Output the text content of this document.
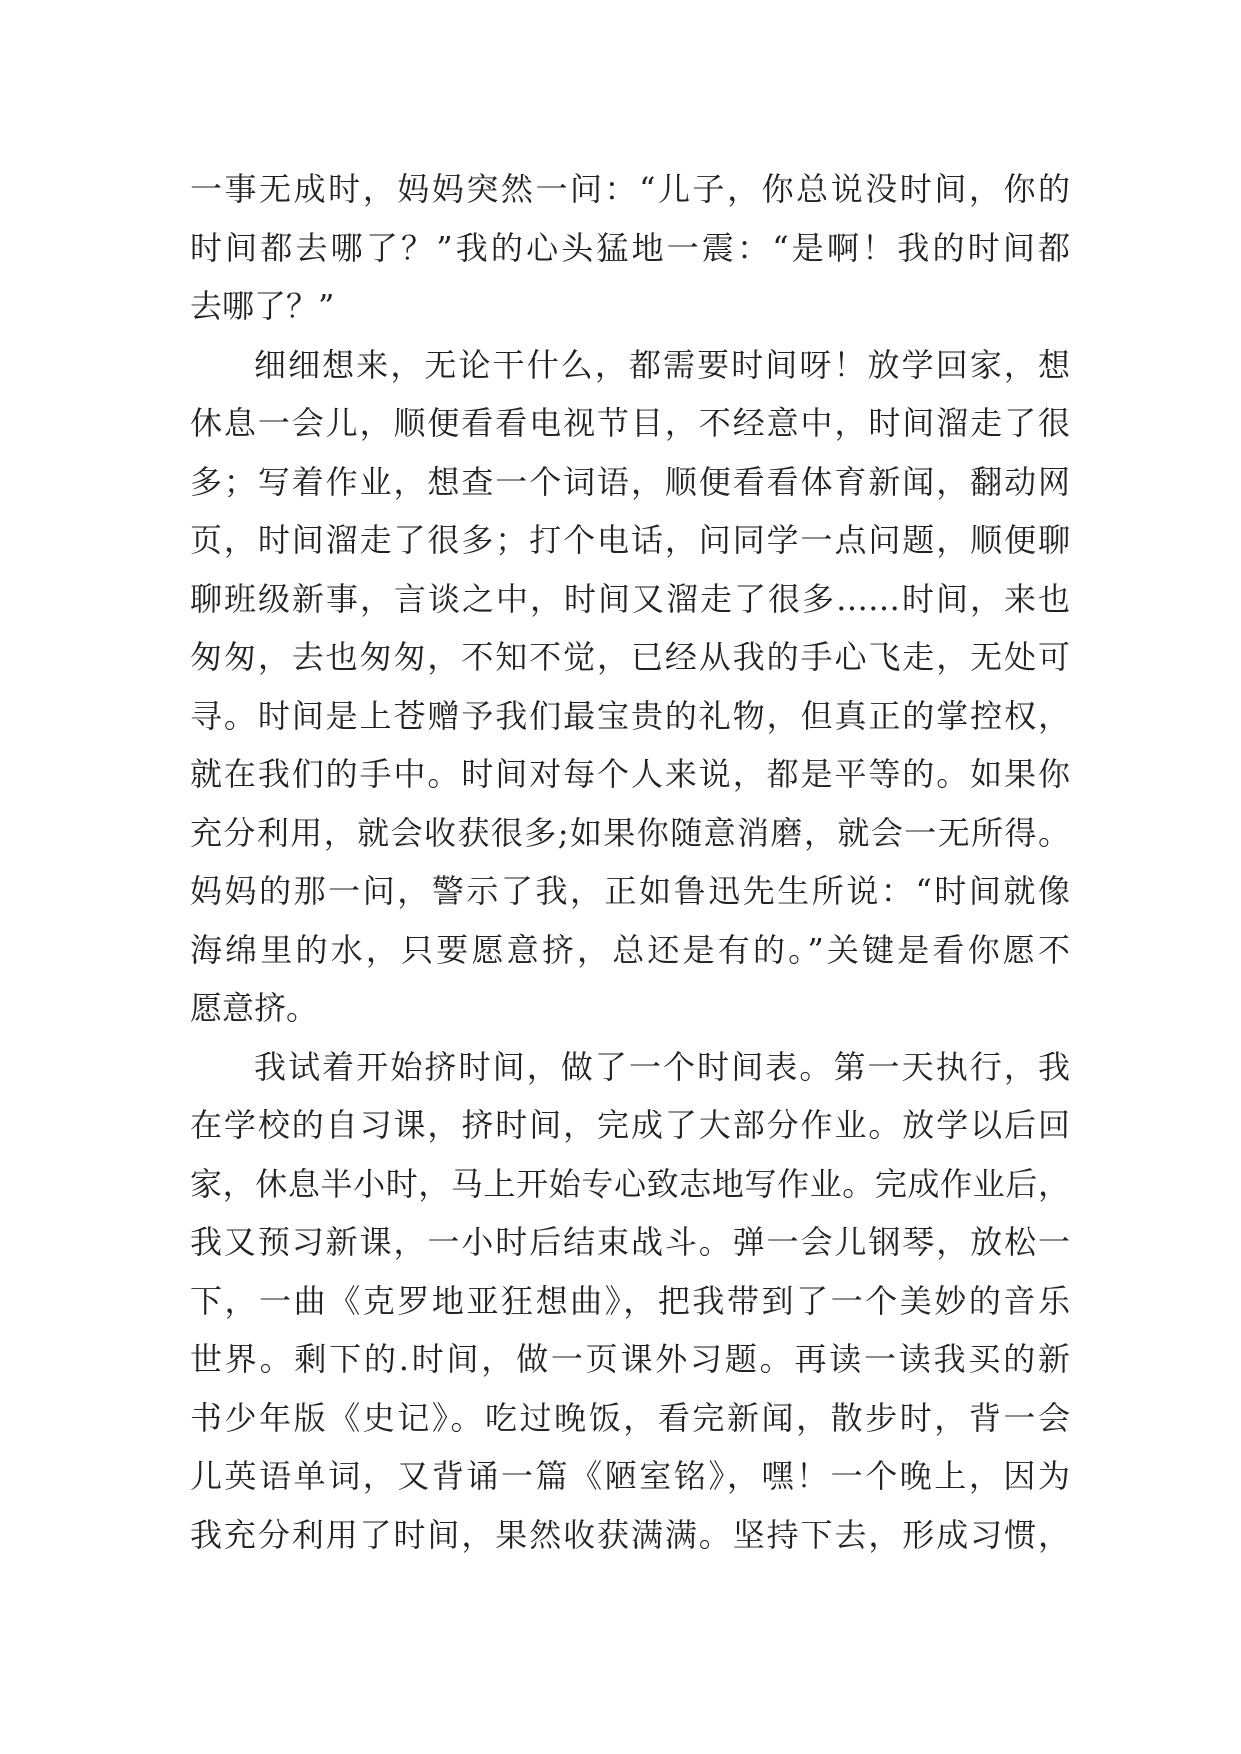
一事无成时，妈妈突然一问：“儿子，你总说没时间，你的
时间都去哪了？”我的心头猛地一震：“是啊！我的时间都
去哪了？”
细细想来，无论干什么，都需要时间呀！放学回家，想
休息一会儿，顺便看看电视节目，不经意中，时间溜走了很
多；写着作业，想查一个词语，顺便看看体育新闻，翻动网
页，时间溜走了很多；打个电话，问同学一点问题，顺便聊
聊班级新事，言谈之中，时间又溜走了很多……时间，来也
匆匆，去也匆匆，不知不觉，已经从我的手心飞走，无处可
寻。时间是上苍赠予我们最宝贵的礼物，但真正的掌控权，
就在我们的手中。时间对每个人来说，都是平等的。如果你
充分利用，就会收获很多;如果你随意消磨，就会一无所得。
妈妈的那一问，警示了我，正如鲁迅先生所说：“时间就像
海绵里的水，只要愿意挤，总还是有的。”关键是看你愿不
愿意挤。
我试着开始挤时间，做了一个时间表。第一天执行，我
在学校的自习课，挤时间，完成了大部分作业。放学以后回
家，休息半小时，马上开始专心致志地写作业。完成作业后，
我又预习新课，一小时后结束战斗。弹一会儿钢琴，放松一
下，一曲《克罗地亚狂想曲》，把我带到了一个美妙的音乐
世界。剩下的.时间，做一页课外习题。再读一读我买的新
书少年版《史记》。吃过晚饭，看完新闻，散步时，背一会
儿英语单词，又背诵一篇《陋室铭》，嘿！一个晚上，因为
我充分利用了时间，果然收获满满。坚持下去，形成习惯，
